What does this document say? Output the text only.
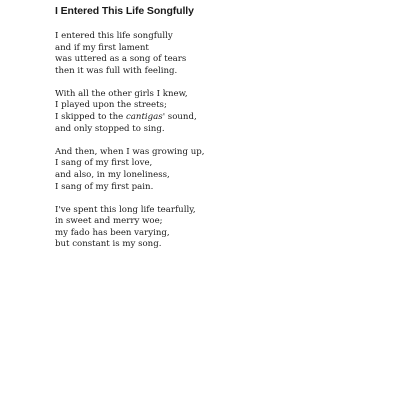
I Entered This Life Songfully
I entered this life songfully
and if my first lament
was uttered as a song of tears
then it was full with feeling.
With all the other girls I knew,
I played upon the streets;
I skipped to the cantigas' sound,
and only stopped to sing.
And then, when I was growing up,
I sang of my first love,
and also, in my loneliness,
I sang of my first pain.
I've spent this long life tearfully,
in sweet and merry woe;
my fado has been varying,
but constant is my song.
